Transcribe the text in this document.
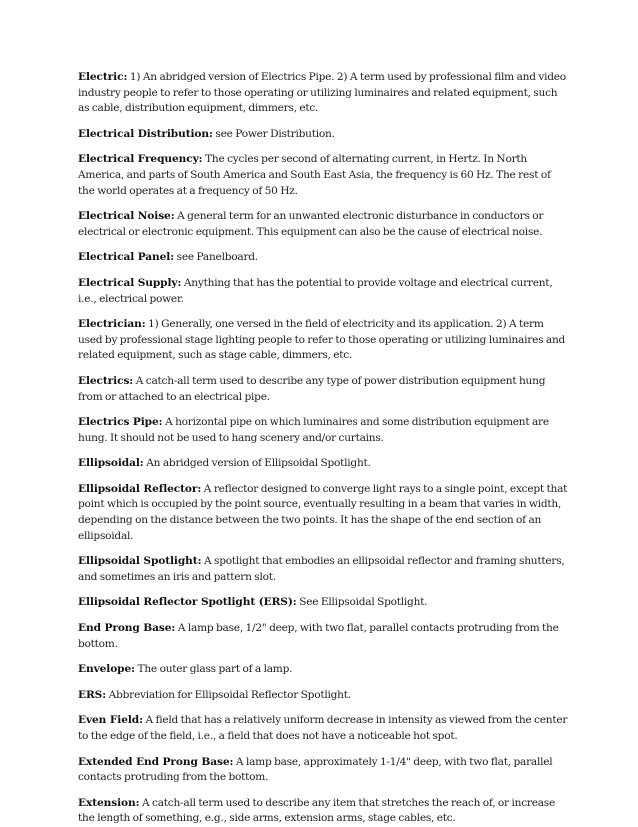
Electric: 1) An abridged version of Electrics Pipe. 2) A term used by professional film and video industry people to refer to those operating or utilizing luminaires and related equipment, such as cable, distribution equipment, dimmers, etc.

Electrical Distribution: see Power Distribution.

Electrical Frequency: The cycles per second of alternating current, in Hertz. In North America, and parts of South America and South East Asia, the frequency is 60 Hz. The rest of the world operates at a frequency of 50 Hz.

Electrical Noise: A general term for an unwanted electronic disturbance in conductors or electrical or electronic equipment. This equipment can also be the cause of electrical noise.

Electrical Panel: see Panelboard.

Electrical Supply: Anything that has the potential to provide voltage and electrical current, i.e., electrical power.

Electrician: 1) Generally, one versed in the field of electricity and its application. 2) A term used by professional stage lighting people to refer to those operating or utilizing luminaires and related equipment, such as stage cable, dimmers, etc.

Electrics: A catch-all term used to describe any type of power distribution equipment hung from or attached to an electrical pipe.

Electrics Pipe: A horizontal pipe on which luminaires and some distribution equipment are hung. It should not be used to hang scenery and/or curtains.

Ellipsoidal: An abridged version of Ellipsoidal Spotlight.

Ellipsoidal Reflector: A reflector designed to converge light rays to a single point, except that point which is occupied by the point source, eventually resulting in a beam that varies in width, depending on the distance between the two points. It has the shape of the end section of an ellipsoidal.

Ellipsoidal Spotlight: A spotlight that embodies an ellipsoidal reflector and framing shutters, and sometimes an iris and pattern slot.

Ellipsoidal Reflector Spotlight (ERS): See Ellipsoidal Spotlight.

End Prong Base: A lamp base, 1/2" deep, with two flat, parallel contacts protruding from the bottom.

Envelope: The outer glass part of a lamp.

ERS: Abbreviation for Ellipsoidal Reflector Spotlight.

Even Field: A field that has a relatively uniform decrease in intensity as viewed from the center to the edge of the field, i.e., a field that does not have a noticeable hot spot.

Extended End Prong Base: A lamp base, approximately 1-1/4" deep, with two flat, parallel contacts protruding from the bottom.

Extension: A catch-all term used to describe any item that stretches the reach of, or increase the length of something, e.g., side arms, extension arms, stage cables, etc.
